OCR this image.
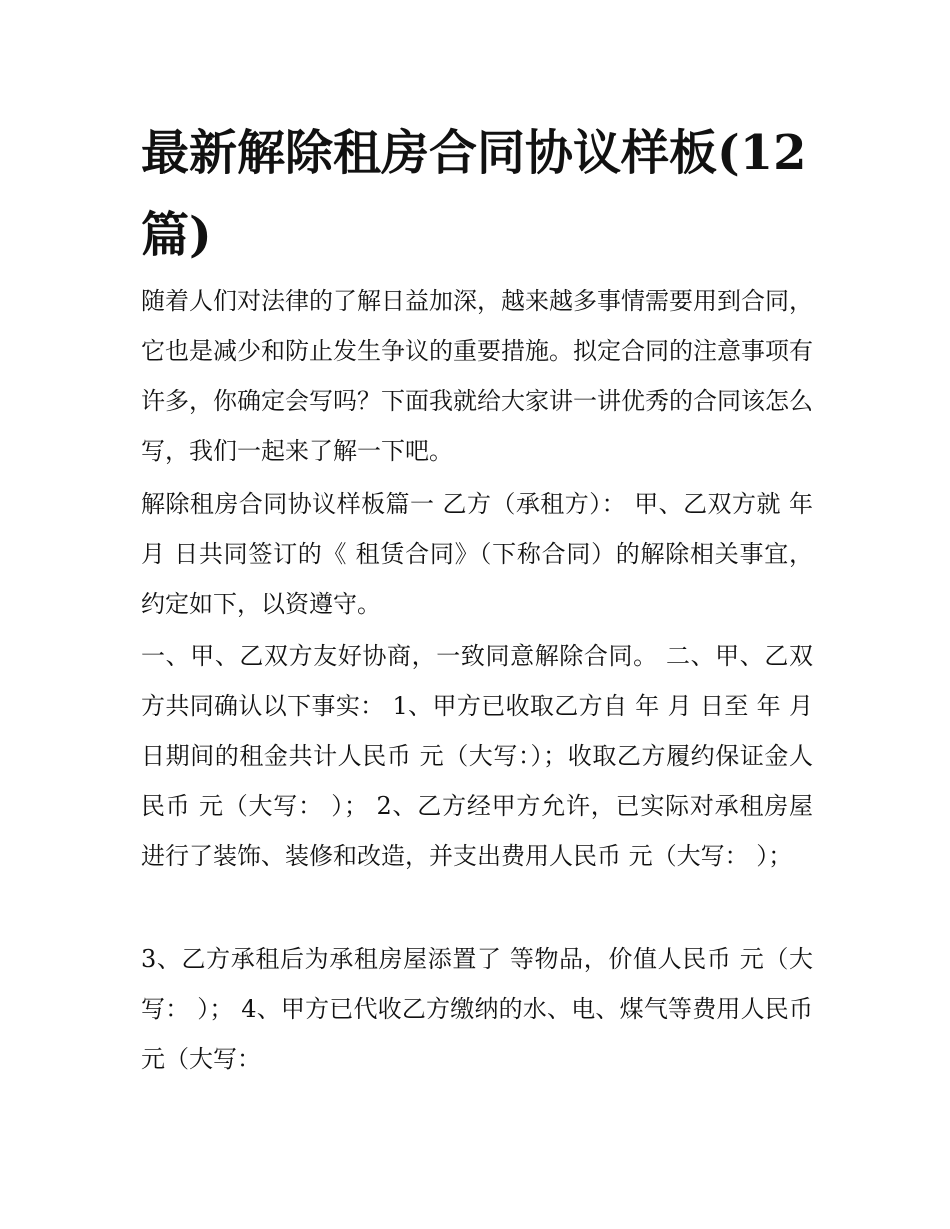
最新解除租房合同协议样板(12篇)

随着人们对法律的了解日益加深，越来越多事情需要用到合同，它也是减少和防止发生争议的重要措施。拟定合同的注意事项有许多，你确定会写吗？下面我就给大家讲一讲优秀的合同该怎么写，我们一起来了解一下吧。

解除租房合同协议样板篇一 乙方（承租方）： 甲、乙双方就 年 月 日共同签订的《 租赁合同》（下称合同）的解除相关事宜，约定如下，以资遵守。

一、甲、乙双方友好协商，一致同意解除合同。 二、甲、乙双方共同确认以下事实： 1、甲方已收取乙方自 年 月 日至 年 月 日期间的租金共计人民币 元（大写：）；收取乙方履约保证金人民币 元（大写： ）； 2、乙方经甲方允许，已实际对承租房屋进行了装饰、装修和改造，并支出费用人民币 元（大写： ）；

3、乙方承租后为承租房屋添置了 等物品，价值人民币 元（大写： ）； 4、甲方已代收乙方缴纳的水、电、煤气等费用人民币 元（大写：
